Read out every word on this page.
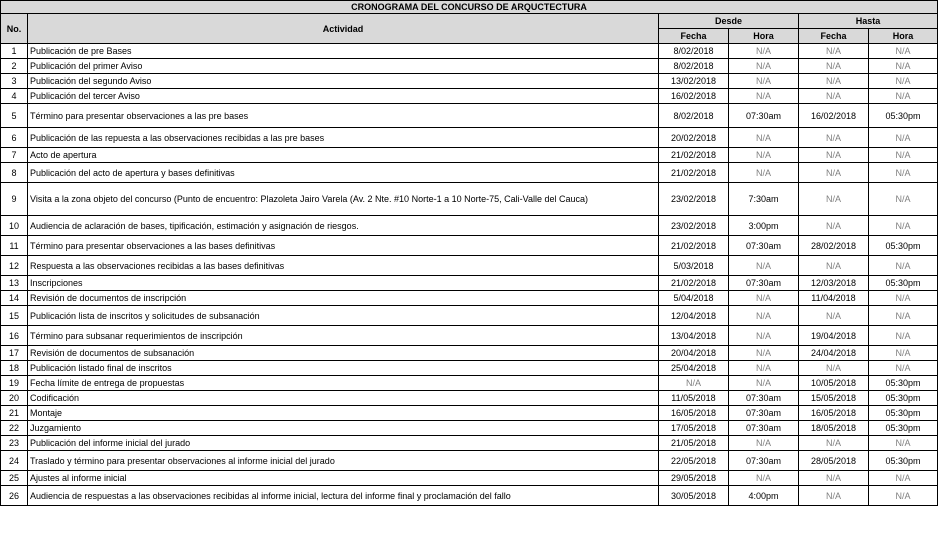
CRONOGRAMA DEL CONCURSO DE ARQUCTECTURA					
No.	Actividad	Desde		Hasta	
		Fecha	Hora	Fecha	Hora
1	Publicación de pre Bases	8/02/2018	N/A	N/A	N/A
2	Publicación del primer Aviso	8/02/2018	N/A	N/A	N/A
3	Publicación del segundo Aviso	13/02/2018	N/A	N/A	N/A
4	Publicación del tercer Aviso	16/02/2018	N/A	N/A	N/A
5	Término para presentar observaciones a las pre bases	8/02/2018	07:30am	16/02/2018	05:30pm
6	Publicación de las repuesta a las observaciones recibidas a las pre bases	20/02/2018	N/A	N/A	N/A
7	Acto de apertura	21/02/2018	N/A	N/A	N/A
8	Publicación del acto de apertura y bases definitivas	21/02/2018	N/A	N/A	N/A
9	Visita a la zona objeto del concurso (Punto de encuentro: Plazoleta Jairo Varela (Av. 2 Nte. #10 Norte-1 a 10 Norte-75, Cali-Valle del Cauca)	23/02/2018	7:30am	N/A	N/A
10	Audiencia de aclaración de bases, tipificación, estimación y asignación de riesgos.	23/02/2018	3:00pm	N/A	N/A
11	Término para presentar observaciones a las bases definitivas	21/02/2018	07:30am	28/02/2018	05:30pm
12	Respuesta a las observaciones recibidas a las bases definitivas	5/03/2018	N/A	N/A	N/A
13	Inscripciones	21/02/2018	07:30am	12/03/2018	05:30pm
14	Revisión de documentos de inscripción	5/04/2018	N/A	11/04/2018	N/A
15	Publicación lista de inscritos y solicitudes de subsanación	12/04/2018	N/A	N/A	N/A
16	Término para subsanar requerimientos de inscripción	13/04/2018	N/A	19/04/2018	N/A
17	Revisión de documentos de subsanación	20/04/2018	N/A	24/04/2018	N/A
18	Publicación listado final de inscritos	25/04/2018	N/A	N/A	N/A
19	Fecha límite de entrega de propuestas	N/A	N/A	10/05/2018	05:30pm
20	Codificación	11/05/2018	07:30am	15/05/2018	05:30pm
21	Montaje	16/05/2018	07:30am	16/05/2018	05:30pm
22	Juzgamiento	17/05/2018	07:30am	18/05/2018	05:30pm
23	Publicación del informe inicial del jurado	21/05/2018	N/A	N/A	N/A
24	Traslado y término para presentar observaciones al informe inicial del jurado	22/05/2018	07:30am	28/05/2018	05:30pm
25	Ajustes al informe inicial	29/05/2018	N/A	N/A	N/A
26	Audiencia de respuestas a las observaciones recibidas al informe inicial, lectura del informe final y proclamación del fallo	30/05/2018	4:00pm	N/A	N/A
